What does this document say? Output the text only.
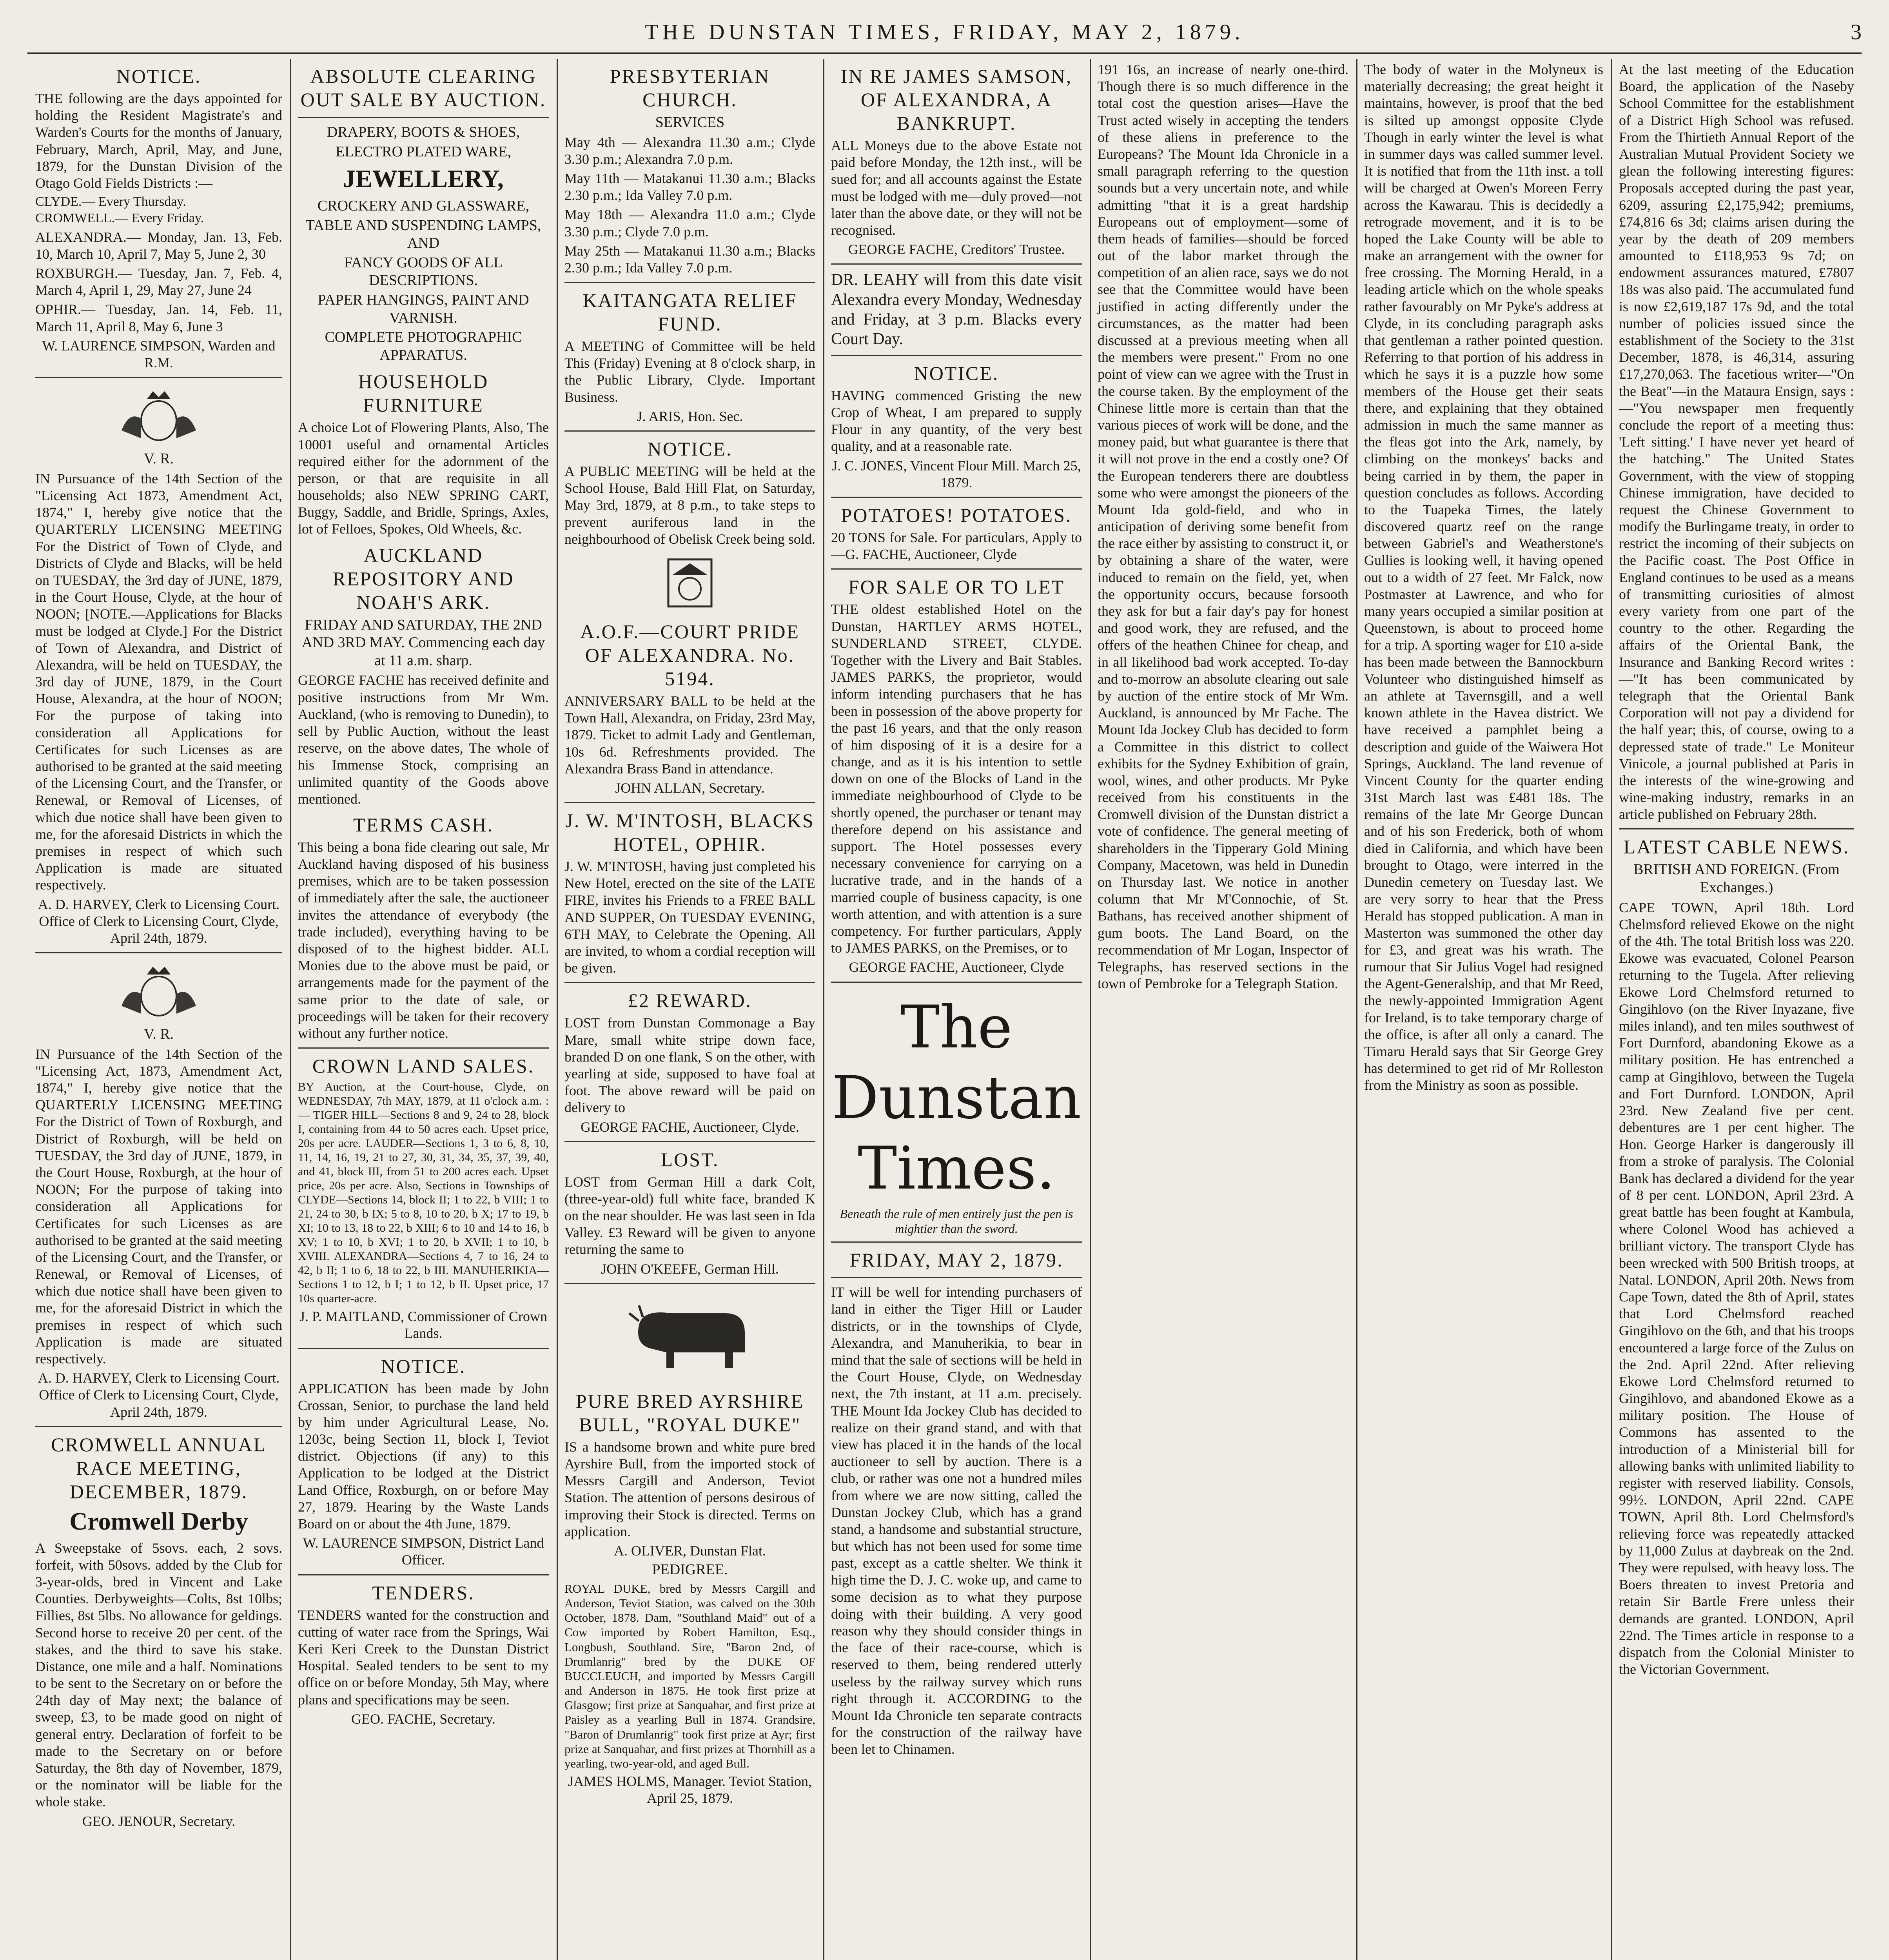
THE DUNSTAN TIMES, FRIDAY, MAY 2, 1879.	3
NOTICE.
THE following are the days appointed for holding the Resident Magistrate's and Warden's Courts for the months of January, February, March, April, May, and June, 1879, for the Dunstan Division of the Otago Gold Fields Districts :—
CLYDE.— Every Thursday.
CROMWELL.— Every Friday.
ALEXANDRA.— Monday, Jan. 13, Feb. 10, March 10, April 7, May 5, June 2, 30
ROXBURGH.— Tuesday, Jan. 7, Feb. 4, March 4, April 1, 29, May 27, June 24
OPHIR.— Tuesday, Jan. 14, Feb. 11, March 11, April 8, May 6, June 3
W. LAURENCE SIMPSON, Warden and R.M.
V. R.
IN Pursuance of the 14th Section of the "Licensing Act 1873, Amendment Act, 1874," I, hereby give notice that the QUARTERLY LICENSING MEETING For the District of Town of Clyde, and Districts of Clyde and Blacks, will be held on TUESDAY, the 3rd day of JUNE, 1879, in the Court House, Clyde, at the hour of NOON; [NOTE.—Applications for Blacks must be lodged at Clyde.] For the District of Town of Alexandra, and District of Alexandra, will be held on TUESDAY, the 3rd day of JUNE, 1879, in the Court House, Alexandra, at the hour of NOON; For the purpose of taking into consideration all Applications for Certificates for such Licenses as are authorised to be granted at the said meeting of the Licensing Court, and the Transfer, or Renewal, or Removal of Licenses, of which due notice shall have been given to me, for the aforesaid Districts in which the premises in respect of which such Application is made are situated respectively.
A. D. HARVEY, Clerk to Licensing Court. Office of Clerk to Licensing Court, Clyde, April 24th, 1879.
V. R.
IN Pursuance of the 14th Section of the "Licensing Act, 1873, Amendment Act, 1874," I, hereby give notice that the QUARTERLY LICENSING MEETING For the District of Town of Roxburgh, and District of Roxburgh, will be held on TUESDAY, the 3rd day of JUNE, 1879, in the Court House, Roxburgh, at the hour of NOON; For the purpose of taking into consideration all Applications for Certificates for such Licenses as are authorised to be granted at the said meeting of the Licensing Court, and the Transfer, or Renewal, or Removal of Licenses, of which due notice shall have been given to me, for the aforesaid District in which the premises in respect of which such Application is made are situated respectively.
A. D. HARVEY, Clerk to Licensing Court. Office of Clerk to Licensing Court, Clyde, April 24th, 1879.
CROMWELL ANNUAL RACE MEETING, DECEMBER, 1879.
Cromwell Derby
A Sweepstake of 5sovs. each, 2 sovs. forfeit, with 50sovs. added by the Club for 3-year-olds, bred in Vincent and Lake Counties. Derbyweights—Colts, 8st 10lbs; Fillies, 8st 5lbs. No allowance for geldings. Second horse to receive 20 per cent. of the stakes, and the third to save his stake. Distance, one mile and a half. Nominations to be sent to the Secretary on or before the 24th day of May next; the balance of sweep, £3, to be made good on night of general entry. Declaration of forfeit to be made to the Secretary on or before Saturday, the 8th day of November, 1879, or the nominator will be liable for the whole stake.
GEO. JENOUR, Secretary.
ABSOLUTE CLEARING OUT SALE BY AUCTION.
DRAPERY, BOOTS & SHOES,
ELECTRO PLATED WARE,
JEWELLERY,
CROCKERY AND GLASSWARE,
TABLE AND SUSPENDING LAMPS, AND
FANCY GOODS OF ALL DESCRIPTIONS.
PAPER HANGINGS, PAINT AND VARNISH.
COMPLETE PHOTOGRAPHIC APPARATUS.
HOUSEHOLD FURNITURE
A choice Lot of Flowering Plants, Also, The 10001 useful and ornamental Articles required either for the adornment of the person, or that are requisite in all households; also NEW SPRING CART, Buggy, Saddle, and Bridle, Springs, Axles, lot of Felloes, Spokes, Old Wheels, &c.
AUCKLAND REPOSITORY AND NOAH'S ARK.
FRIDAY AND SATURDAY, THE 2ND AND 3RD MAY. Commencing each day at 11 a.m. sharp.
GEORGE FACHE has received definite and positive instructions from Mr Wm. Auckland, (who is removing to Dunedin), to sell by Public Auction, without the least reserve, on the above dates, The whole of his Immense Stock, comprising an unlimited quantity of the Goods above mentioned.
TERMS CASH.
This being a bona fide clearing out sale, Mr Auckland having disposed of his business premises, which are to be taken possession of immediately after the sale, the auctioneer invites the attendance of everybody (the trade included), everything having to be disposed of to the highest bidder. ALL Monies due to the above must be paid, or arrangements made for the payment of the same prior to the date of sale, or proceedings will be taken for their recovery without any further notice.
CROWN LAND SALES.
BY Auction, at the Court-house, Clyde, on WEDNESDAY, 7th MAY, 1879, at 11 o'clock a.m. :— TIGER HILL—Sections 8 and 9, 24 to 28, block I, containing from 44 to 50 acres each. Upset price, 20s per acre. LAUDER—Sections 1, 3 to 6, 8, 10, 11, 14, 16, 19, 21 to 27, 30, 31, 34, 35, 37, 39, 40, and 41, block III, from 51 to 200 acres each. Upset price, 20s per acre. Also, Sections in Townships of CLYDE—Sections 14, block II; 1 to 22, b VIII; 1 to 21, 24 to 30, b IX; 5 to 8, 10 to 20, b X; 17 to 19, b XI; 10 to 13, 18 to 22, b XIII; 6 to 10 and 14 to 16, b XV; 1 to 10, b XVI; 1 to 20, b XVII; 1 to 10, b XVIII. ALEXANDRA—Sections 4, 7 to 16, 24 to 42, b II; 1 to 6, 18 to 22, b III. MANUHERIKIA—Sections 1 to 12, b I; 1 to 12, b II. Upset price, 17 10s quarter-acre.
J. P. MAITLAND, Commissioner of Crown Lands.
NOTICE.
APPLICATION has been made by John Crossan, Senior, to purchase the land held by him under Agricultural Lease, No. 1203c, being Section 11, block I, Teviot district. Objections (if any) to this Application to be lodged at the District Land Office, Roxburgh, on or before May 27, 1879. Hearing by the Waste Lands Board on or about the 4th June, 1879.
W. LAURENCE SIMPSON, District Land Officer.
TENDERS.
TENDERS wanted for the construction and cutting of water race from the Springs, Wai Keri Keri Creek to the Dunstan District Hospital. Sealed tenders to be sent to my office on or before Monday, 5th May, where plans and specifications may be seen.
GEO. FACHE, Secretary.
PRESBYTERIAN CHURCH.
SERVICES
May 4th — Alexandra 11.30 a.m.; Clyde 3.30 p.m.; Alexandra 7.0 p.m.
May 11th — Matakanui 11.30 a.m.; Blacks 2.30 p.m.; Ida Valley 7.0 p.m.
May 18th — Alexandra 11.0 a.m.; Clyde 3.30 p.m.; Clyde 7.0 p.m.
May 25th — Matakanui 11.30 a.m.; Blacks 2.30 p.m.; Ida Valley 7.0 p.m.
KAITANGATA RELIEF FUND.
A MEETING of Committee will be held This (Friday) Evening at 8 o'clock sharp, in the Public Library, Clyde. Important Business.
J. ARIS, Hon. Sec.
NOTICE.
A PUBLIC MEETING will be held at the School House, Bald Hill Flat, on Saturday, May 3rd, 1879, at 8 p.m., to take steps to prevent auriferous land in the neighbourhood of Obelisk Creek being sold.
A.O.F.—COURT PRIDE OF ALEXANDRA. No. 5194.
ANNIVERSARY BALL to be held at the Town Hall, Alexandra, on Friday, 23rd May, 1879. Ticket to admit Lady and Gentleman, 10s 6d. Refreshments provided. The Alexandra Brass Band in attendance.
JOHN ALLAN, Secretary.
J. W. M'INTOSH, BLACKS HOTEL, OPHIR.
J. W. M'INTOSH, having just completed his New Hotel, erected on the site of the LATE FIRE, invites his Friends to a FREE BALL AND SUPPER, On TUESDAY EVENING, 6TH MAY, to Celebrate the Opening. All are invited, to whom a cordial reception will be given.
£2 REWARD.
LOST from Dunstan Commonage a Bay Mare, small white stripe down face, branded D on one flank, S on the other, with yearling at side, supposed to have foal at foot. The above reward will be paid on delivery to
GEORGE FACHE, Auctioneer, Clyde.
LOST.
LOST from German Hill a dark Colt, (three-year-old) full white face, branded K on the near shoulder. He was last seen in Ida Valley. £3 Reward will be given to anyone returning the same to
JOHN O'KEEFE, German Hill.
PURE BRED AYRSHIRE BULL, "ROYAL DUKE"
IS a handsome brown and white pure bred Ayrshire Bull, from the imported stock of Messrs Cargill and Anderson, Teviot Station. The attention of persons desirous of improving their Stock is directed. Terms on application.
A. OLIVER, Dunstan Flat.
PEDIGREE.
ROYAL DUKE, bred by Messrs Cargill and Anderson, Teviot Station, was calved on the 30th October, 1878. Dam, "Southland Maid" out of a Cow imported by Robert Hamilton, Esq., Longbush, Southland. Sire, "Baron 2nd, of Drumlanrig" bred by the DUKE OF BUCCLEUCH, and imported by Messrs Cargill and Anderson in 1875. He took first prize at Glasgow; first prize at Sanquahar, and first prize at Paisley as a yearling Bull in 1874. Grandsire, "Baron of Drumlanrig" took first prize at Ayr; first prize at Sanquahar, and first prizes at Thornhill as a yearling, two-year-old, and aged Bull.
JAMES HOLMS, Manager. Teviot Station, April 25, 1879.
IN RE JAMES SAMSON, OF ALEXANDRA, A BANKRUPT.
ALL Moneys due to the above Estate not paid before Monday, the 12th inst., will be sued for; and all accounts against the Estate must be lodged with me—duly proved—not later than the above date, or they will not be recognised.
GEORGE FACHE, Creditors' Trustee.
DR. LEAHY will from this date visit Alexandra every Monday, Wednesday and Friday, at 3 p.m. Blacks every Court Day.
NOTICE.
HAVING commenced Gristing the new Crop of Wheat, I am prepared to supply Flour in any quantity, of the very best quality, and at a reasonable rate.
J. C. JONES, Vincent Flour Mill. March 25, 1879.
POTATOES! POTATOES.
20 TONS for Sale. For particulars, Apply to—G. FACHE, Auctioneer, Clyde
FOR SALE OR TO LET
THE oldest established Hotel on the Dunstan, HARTLEY ARMS HOTEL, SUNDERLAND STREET, CLYDE. Together with the Livery and Bait Stables. JAMES PARKS, the proprietor, would inform intending purchasers that he has been in possession of the above property for the past 16 years, and that the only reason of him disposing of it is a desire for a change, and as it is his intention to settle down on one of the Blocks of Land in the immediate neighbourhood of Clyde to be shortly opened, the purchaser or tenant may therefore depend on his assistance and support. The Hotel possesses every necessary convenience for carrying on a lucrative trade, and in the hands of a married couple of business capacity, is one worth attention, and with attention is a sure competency. For further particulars, Apply to JAMES PARKS, on the Premises, or to
GEORGE FACHE, Auctioneer, Clyde
The Dunstan Times.
Beneath the rule of men entirely just the pen is mightier than the sword.
FRIDAY, MAY 2, 1879.
IT will be well for intending purchasers of land in either the Tiger Hill or Lauder districts, or in the townships of Clyde, Alexandra, and Manuherikia, to bear in mind that the sale of sections will be held in the Court House, Clyde, on Wednesday next, the 7th instant, at 11 a.m. precisely. THE Mount Ida Jockey Club has decided to realize on their grand stand, and with that view has placed it in the hands of the local auctioneer to sell by auction. There is a club, or rather was one not a hundred miles from where we are now sitting, called the Dunstan Jockey Club, which has a grand stand, a handsome and substantial structure, but which has not been used for some time past, except as a cattle shelter. We think it high time the D. J. C. woke up, and came to some decision as to what they purpose doing with their building. A very good reason why they should consider things in the face of their race-course, which is reserved to them, being rendered utterly useless by the railway survey which runs right through it. ACCORDING to the Mount Ida Chronicle ten separate contracts for the construction of the railway have been let to Chinamen.
191 16s, an increase of nearly one-third. Though there is so much difference in the total cost the question arises—Have the Trust acted wisely in accepting the tenders of these aliens in preference to the Europeans? The Mount Ida Chronicle in a small paragraph referring to the question sounds but a very uncertain note, and while admitting "that it is a great hardship Europeans out of employment—some of them heads of families—should be forced out of the labor market through the competition of an alien race, says we do not see that the Committee would have been justified in acting differently under the circumstances, as the matter had been discussed at a previous meeting when all the members were present." From no one point of view can we agree with the Trust in the course taken. By the employment of the Chinese little more is certain than that the various pieces of work will be done, and the money paid, but what guarantee is there that it will not prove in the end a costly one? Of the European tenderers there are doubtless some who were amongst the pioneers of the Mount Ida gold-field, and who in anticipation of deriving some benefit from the race either by assisting to construct it, or by obtaining a share of the water, were induced to remain on the field, yet, when the opportunity occurs, because forsooth they ask for but a fair day's pay for honest and good work, they are refused, and the offers of the heathen Chinee for cheap, and in all likelihood bad work accepted. To-day and to-morrow an absolute clearing out sale by auction of the entire stock of Mr Wm. Auckland, is announced by Mr Fache. The Mount Ida Jockey Club has decided to form a Committee in this district to collect exhibits for the Sydney Exhibition of grain, wool, wines, and other products. Mr Pyke received from his constituents in the Cromwell division of the Dunstan district a vote of confidence. The general meeting of shareholders in the Tipperary Gold Mining Company, Macetown, was held in Dunedin on Thursday last. We notice in another column that Mr M'Connochie, of St. Bathans, has received another shipment of gum boots. The Land Board, on the recommendation of Mr Logan, Inspector of Telegraphs, has reserved sections in the town of Pembroke for a Telegraph Station.
The body of water in the Molyneux is materially decreasing; the great height it maintains, however, is proof that the bed is silted up amongst opposite Clyde Though in early winter the level is what in summer days was called summer level. It is notified that from the 11th inst. a toll will be charged at Owen's Moreen Ferry across the Kawarau. This is decidedly a retrograde movement, and it is to be hoped the Lake County will be able to make an arrangement with the owner for free crossing. The Morning Herald, in a leading article which on the whole speaks rather favourably on Mr Pyke's address at Clyde, in its concluding paragraph asks that gentleman a rather pointed question. Referring to that portion of his address in which he says it is a puzzle how some members of the House get their seats there, and explaining that they obtained admission in much the same manner as the fleas got into the Ark, namely, by climbing on the monkeys' backs and being carried in by them, the paper in question concludes as follows. According to the Tuapeka Times, the lately discovered quartz reef on the range between Gabriel's and Weatherstone's Gullies is looking well, it having opened out to a width of 27 feet. Mr Falck, now Postmaster at Lawrence, and who for many years occupied a similar position at Queenstown, is about to proceed home for a trip. A sporting wager for £10 a-side has been made between the Bannockburn Volunteer who distinguished himself as an athlete at Tavernsgill, and a well known athlete in the Havea district. We have received a pamphlet being a description and guide of the Waiwera Hot Springs, Auckland. The land revenue of Vincent County for the quarter ending 31st March last was £481 18s. The remains of the late Mr George Duncan and of his son Frederick, both of whom died in California, and which have been brought to Otago, were interred in the Dunedin cemetery on Tuesday last. We are very sorry to hear that the Press Herald has stopped publication. A man in Masterton was summoned the other day for £3, and great was his wrath. The rumour that Sir Julius Vogel had resigned the Agent-Generalship, and that Mr Reed, the newly-appointed Immigration Agent for Ireland, is to take temporary charge of the office, is after all only a canard. The Timaru Herald says that Sir George Grey has determined to get rid of Mr Rolleston from the Ministry as soon as possible.
At the last meeting of the Education Board, the application of the Naseby School Committee for the establishment of a District High School was refused. From the Thirtieth Annual Report of the Australian Mutual Provident Society we glean the following interesting figures: Proposals accepted during the past year, 6209, assuring £2,175,942; premiums, £74,816 6s 3d; claims arisen during the year by the death of 209 members amounted to £118,953 9s 7d; on endowment assurances matured, £7807 18s was also paid. The accumulated fund is now £2,619,187 17s 9d, and the total number of policies issued since the establishment of the Society to the 31st December, 1878, is 46,314, assuring £17,270,063. The facetious writer—"On the Beat"—in the Mataura Ensign, says :—"You newspaper men frequently conclude the report of a meeting thus: 'Left sitting.' I have never yet heard of the hatching." The United States Government, with the view of stopping Chinese immigration, have decided to request the Chinese Government to modify the Burlingame treaty, in order to restrict the incoming of their subjects on the Pacific coast. The Post Office in England continues to be used as a means of transmitting curiosities of almost every variety from one part of the country to the other. Regarding the affairs of the Oriental Bank, the Insurance and Banking Record writes :—"It has been communicated by telegraph that the Oriental Bank Corporation will not pay a dividend for the half year; this, of course, owing to a depressed state of trade." Le Moniteur Vinicole, a journal published at Paris in the interests of the wine-growing and wine-making industry, remarks in an article published on February 28th.
LATEST CABLE NEWS.
BRITISH AND FOREIGN. (From Exchanges.)
CAPE TOWN, April 18th. Lord Chelmsford relieved Ekowe on the night of the 4th. The total British loss was 220. Ekowe was evacuated, Colonel Pearson returning to the Tugela. After relieving Ekowe Lord Chelmsford returned to Gingihlovo (on the River Inyazane, five miles inland), and ten miles southwest of Fort Durnford, abandoning Ekowe as a military position. He has entrenched a camp at Gingihlovo, between the Tugela and Fort Durnford. LONDON, April 23rd. New Zealand five per cent. debentures are 1 per cent higher. The Hon. George Harker is dangerously ill from a stroke of paralysis. The Colonial Bank has declared a dividend for the year of 8 per cent. LONDON, April 23rd. A great battle has been fought at Kambula, where Colonel Wood has achieved a brilliant victory. The transport Clyde has been wrecked with 500 British troops, at Natal. LONDON, April 20th. News from Cape Town, dated the 8th of April, states that Lord Chelmsford reached Gingihlovo on the 6th, and that his troops encountered a large force of the Zulus on the 2nd. April 22nd. After relieving Ekowe Lord Chelmsford returned to Gingihlovo, and abandoned Ekowe as a military position. The House of Commons has assented to the introduction of a Ministerial bill for allowing banks with unlimited liability to register with reserved liability. Consols, 99½. LONDON, April 22nd. CAPE TOWN, April 8th. Lord Chelmsford's relieving force was repeatedly attacked by 11,000 Zulus at daybreak on the 2nd. They were repulsed, with heavy loss. The Boers threaten to invest Pretoria and retain Sir Bartle Frere unless their demands are granted. LONDON, April 22nd. The Times article in response to a dispatch from the Colonial Minister to the Victorian Government.
